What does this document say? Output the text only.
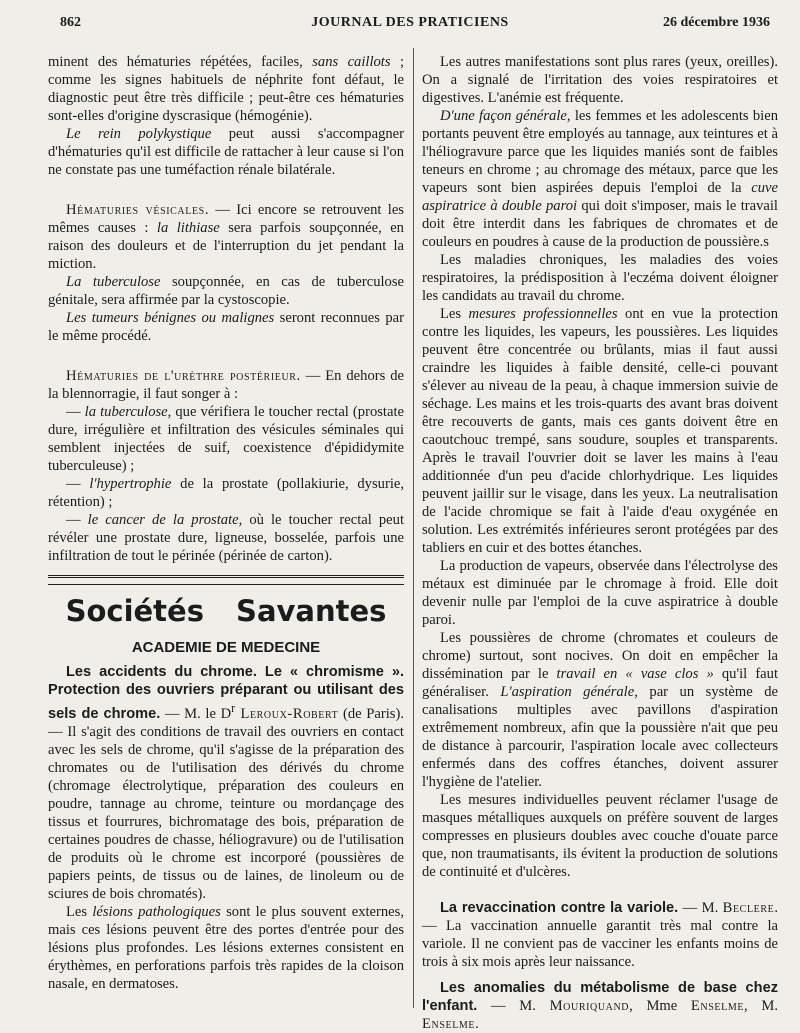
862	JOURNAL DES PRATICIENS	26 décembre 1936

minent des hématuries répétées, faciles, sans caillots ; comme les signes habituels de néphrite font défaut, le diagnostic peut être très difficile ; peut-être ces hématuries sont-elles d'origine dyscrasique (hémogénie).

Le rein polykystique peut aussi s'accompagner d'hématuries qu'il est difficile de rattacher à leur cause si l'on ne constate pas une tuméfaction rénale bilatérale.

Hématuries vésicales. — Ici encore se retrouvent les mêmes causes : la lithiase sera parfois soupçonnée, en raison des douleurs et de l'interruption du jet pendant la miction.

La tuberculose soupçonnée, en cas de tuberculose génitale, sera affirmée par la cystoscopie.

Les tumeurs bénignes ou malignes seront reconnues par le même procédé.

Hématuries de l'urèthre postérieur. — En dehors de la blennorragie, il faut songer à :

— la tuberculose, que vérifiera le toucher rectal (prostate dure, irrégulière et infiltration des vésicules séminales qui semblent injectées de suif, coexistence d'épididymite tuberculeuse) ;

— l'hypertrophie de la prostate (pollakiurie, dysurie, rétention) ;

— le cancer de la prostate, où le toucher rectal peut révéler une prostate dure, ligneuse, bosselée, parfois une infiltration de tout le périnée (périnée de carton).

Sociétés Savantes
ACADEMIE DE MEDECINE

Les accidents du chrome. Le « chromisme ». Protection des ouvriers préparant ou utilisant des sels de chrome. — M. le $D^r$ Leroux-Robert (de Paris). — Il s'agit des conditions de travail des ouvriers en contact avec les sels de chrome, qu'il s'agisse de la préparation des chromates ou de l'utilisation des dérivés du chrome (chromage électrolytique, préparation des couleurs en poudre, tannage au chrome, teinture ou mordançage des tissus et fourrures, bichromatage des bois, préparation de certaines poudres de chasse, héliogravure) ou de l'utilisation de produits où le chrome est incorporé (poussières de papiers peints, de tissus ou de laines, de linoleum ou de sciures de bois chromatés).

Les lésions pathologiques sont le plus souvent externes, mais ces lésions peuvent être des portes d'entrée pour des lésions plus profondes. Les lésions externes consistent en érythèmes, en perforations parfois très rapides de la cloison nasale, en dermatoses.

Les autres manifestations sont plus rares (yeux, oreilles). On a signalé de l'irritation des voies respiratoires et digestives. L'anémie est fréquente.

D'une façon générale, les femmes et les adolescents bien portants peuvent être employés au tannage, aux teintures et à l'héliogravure parce que les liquides maniés sont de faibles teneurs en chrome ; au chromage des métaux, parce que les vapeurs sont bien aspirées depuis l'emploi de la cuve aspiratrice à double paroi qui doit s'imposer, mais le travail doit être interdit dans les fabriques de chromates et de couleurs en poudres à cause de la production de poussière.s

Les maladies chroniques, les maladies des voies respiratoires, la prédisposition à l'eczéma doivent éloigner les candidats au travail du chrome.

Les mesures professionnelles ont en vue la protection contre les liquides, les vapeurs, les poussières. Les liquides peuvent être concentrée ou brûlants, mias il faut aussi craindre les liquides à faible densité, celle-ci pouvant s'élever au niveau de la peau, à chaque immersion suivie de séchage. Les mains et les trois-quarts des avant bras doivent être recouverts de gants, mais ces gants doivent être en caoutchouc trempé, sans soudure, souples et transparents. Après le travail l'ouvrier doit se laver les mains à l'eau additionnée d'un peu d'acide chlorhydrique. Les liquides peuvent jaillir sur le visage, dans les yeux. La neutralisation de l'acide chromique se fait à l'aide d'eau oxygénée en solution. Les extrémités inférieures seront protégées par des tabliers en cuir et des bottes étanches.

La production de vapeurs, observée dans l'électrolyse des métaux est diminuée par le chromage à froid. Elle doit devenir nulle par l'emploi de la cuve aspiratrice à double paroi.

Les poussières de chrome (chromates et couleurs de chrome) surtout, sont nocives. On doit en empêcher la dissémination par le travail en « vase clos » qu'il faut généraliser. L'aspiration générale, par un système de canalisations multiples avec pavillons d'aspiration extrêmement nombreux, afin que la poussière n'ait que peu de distance à parcourir, l'aspiration locale avec collecteurs enfermés dans des coffres étanches, doivent assurer l'hygiène de l'atelier.

Les mesures individuelles peuvent réclamer l'usage de masques métalliques auxquels on préfère souvent de larges compresses en plusieurs doubles avec couche d'ouate parce que, non traumatisants, ils évitent la production de solutions de continuité et d'ulcères.

La revaccination contre la variole. — M. Beclere. — La vaccination annuelle garantit très mal contre la variole. Il ne convient pas de vacciner les enfants moins de trois à six mois après leur naissance.

Les anomalies du métabolisme de base chez l'enfant. — M. Mouriquand, Mme Enselme, M. Enselme.
